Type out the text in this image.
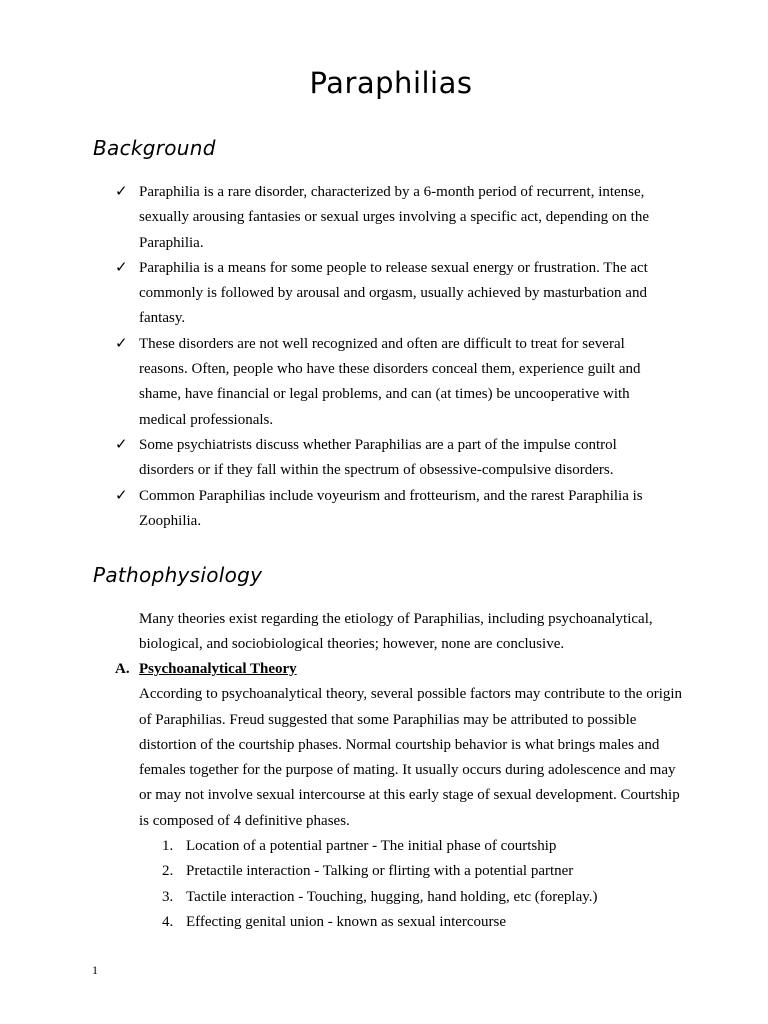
Paraphilias
Background
✓ Paraphilia is a rare disorder, characterized by a 6-month period of recurrent, intense, sexually arousing fantasies or sexual urges involving a specific act, depending on the Paraphilia.
✓ Paraphilia is a means for some people to release sexual energy or frustration. The act commonly is followed by arousal and orgasm, usually achieved by masturbation and fantasy.
✓ These disorders are not well recognized and often are difficult to treat for several reasons. Often, people who have these disorders conceal them, experience guilt and shame, have financial or legal problems, and can (at times) be uncooperative with medical professionals.
✓ Some psychiatrists discuss whether Paraphilias are a part of the impulse control disorders or if they fall within the spectrum of obsessive-compulsive disorders.
✓ Common Paraphilias include voyeurism and frotteurism, and the rarest Paraphilia is Zoophilia.
Pathophysiology

Many theories exist regarding the etiology of Paraphilias, including psychoanalytical, biological, and sociobiological theories; however, none are conclusive.

A. Psychoanalytical Theory

According to psychoanalytical theory, several possible factors may contribute to the origin of Paraphilias. Freud suggested that some Paraphilias may be attributed to possible distortion of the courtship phases. Normal courtship behavior is what brings males and females together for the purpose of mating. It usually occurs during adolescence and may or may not involve sexual intercourse at this early stage of sexual development. Courtship is composed of 4 definitive phases.

1. Location of a potential partner - The initial phase of courtship
2. Pretactile interaction - Talking or flirting with a potential partner
3. Tactile interaction - Touching, hugging, hand holding, etc (foreplay.)
4. Effecting genital union - known as sexual intercourse
1
